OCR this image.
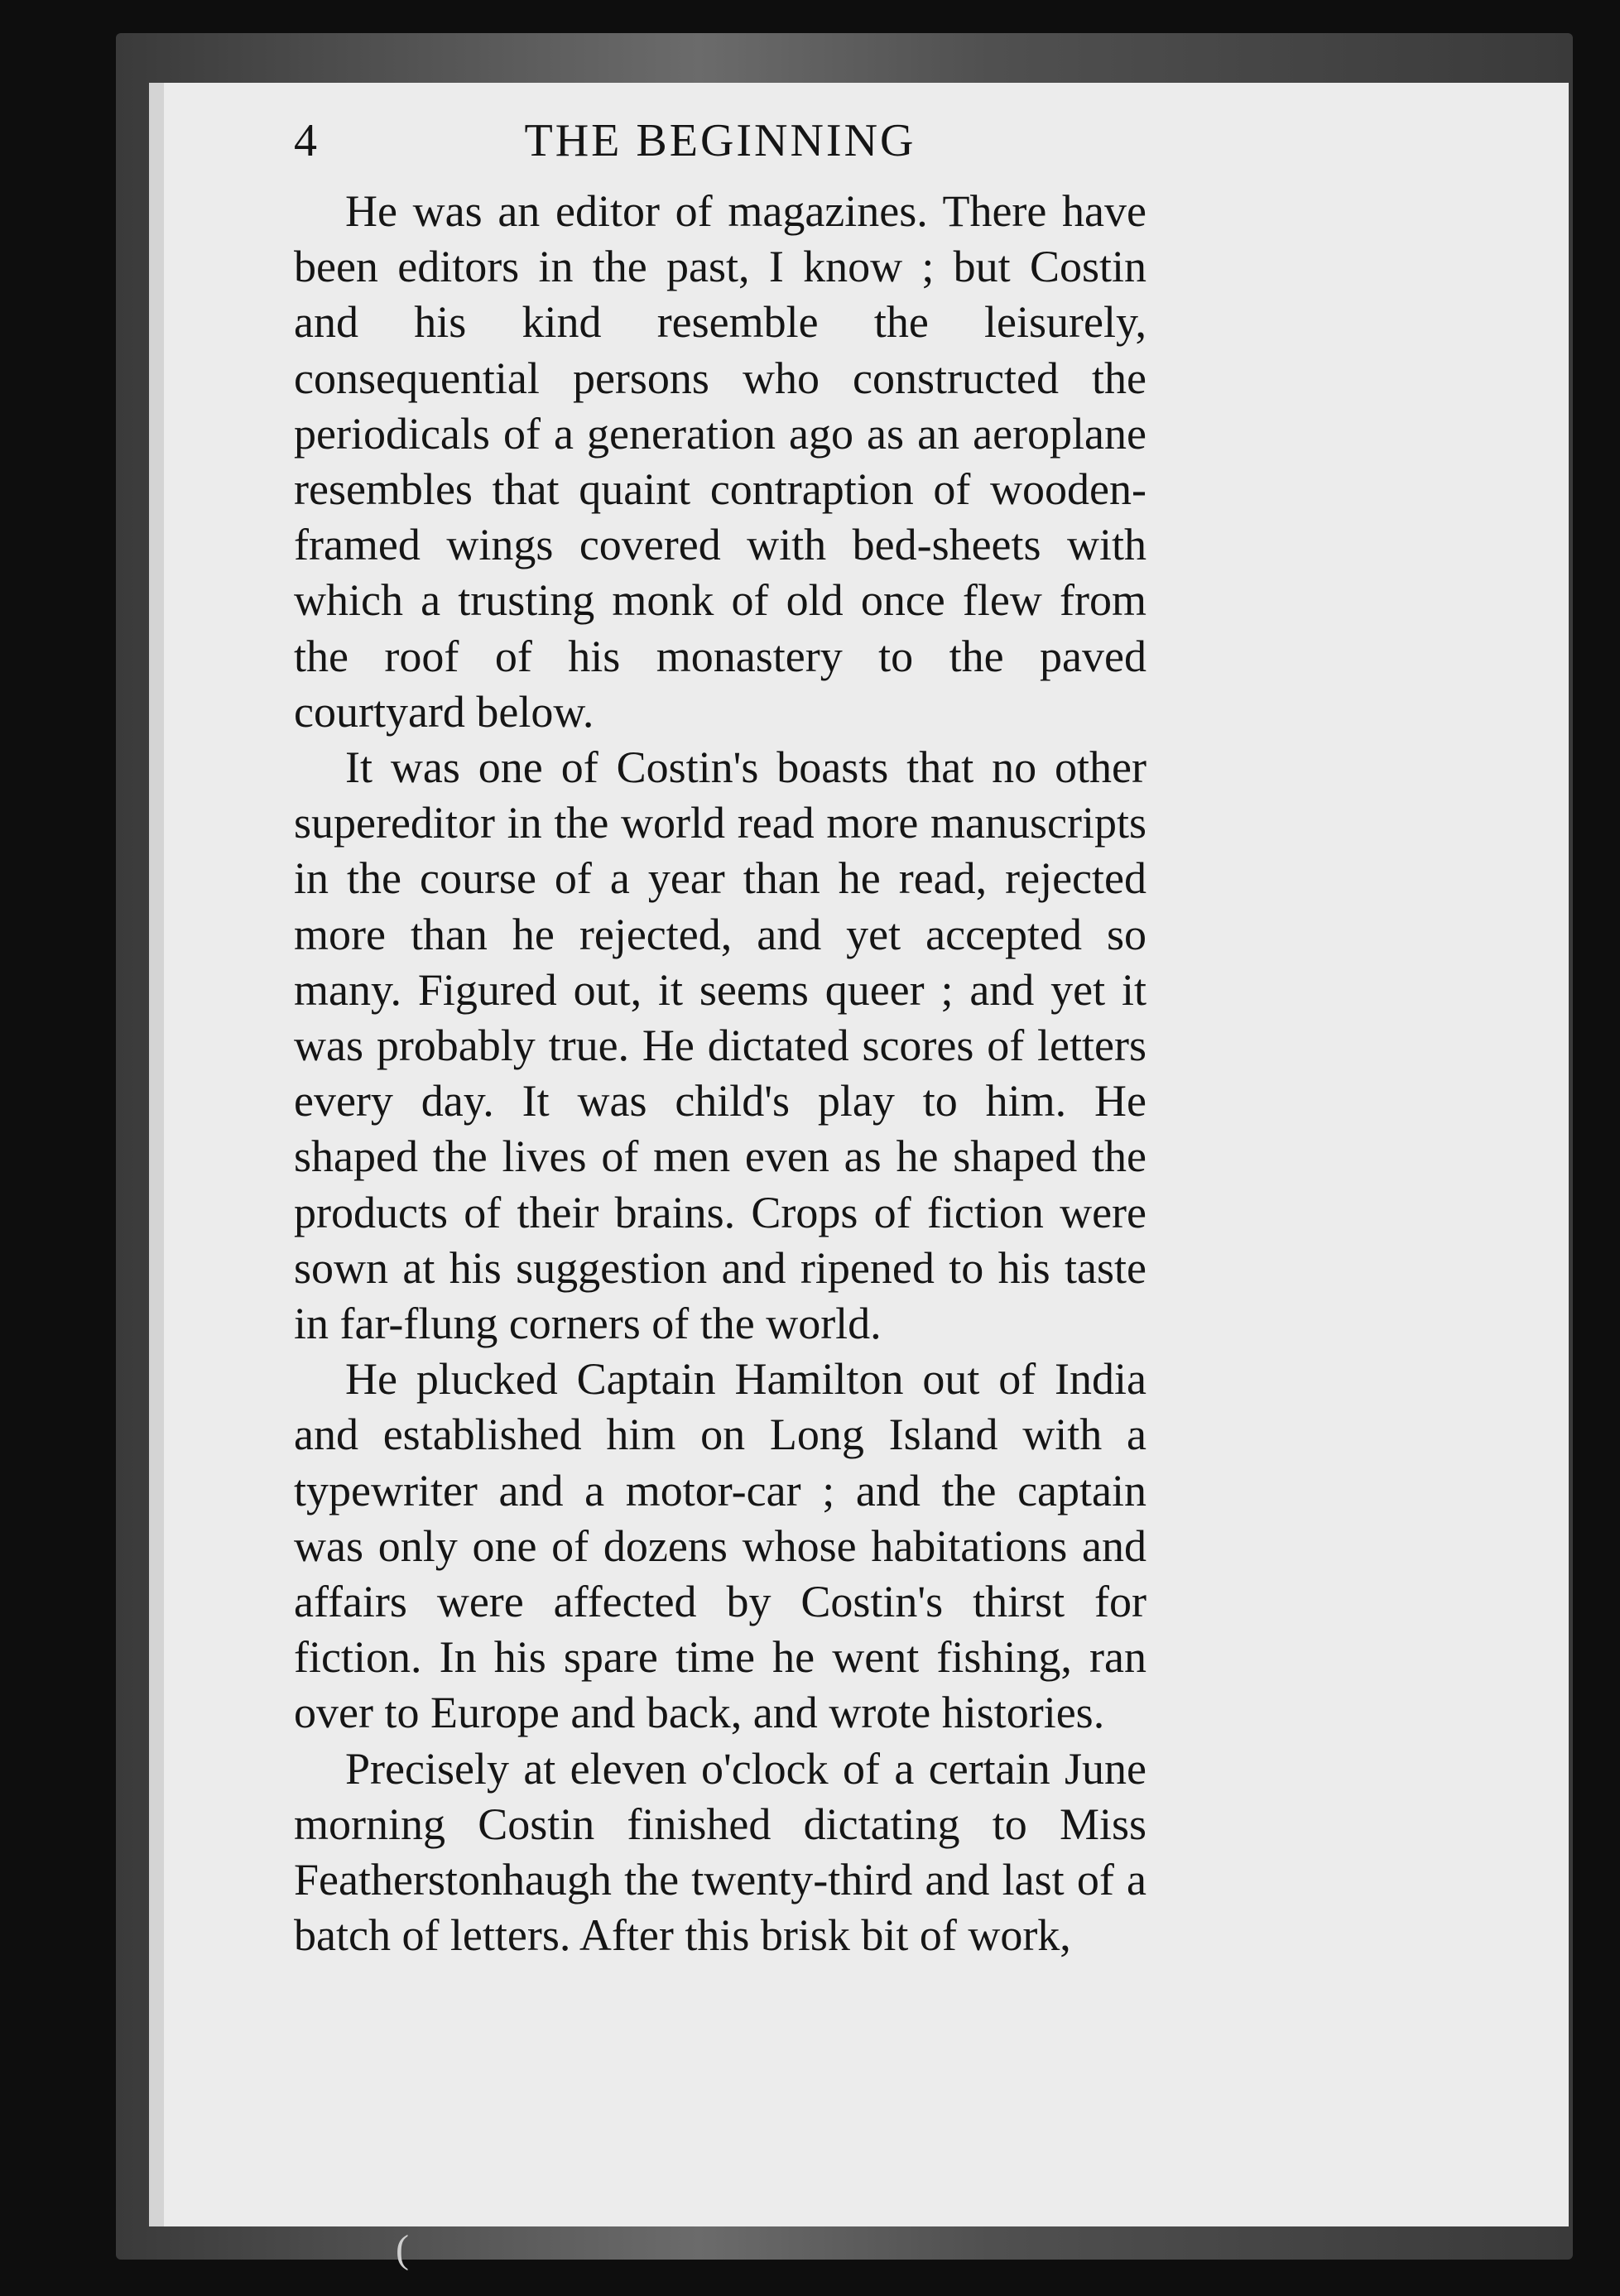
4	THE BEGINNING

He was an editor of magazines. There have been editors in the past, I know ; but Costin and his kind resemble the leisurely, consequential persons who constructed the periodicals of a generation ago as an aeroplane resembles that quaint contraption of wooden-framed wings covered with bed-sheets with which a trusting monk of old once flew from the roof of his monastery to the paved courtyard below.

It was one of Costin's boasts that no other supereditor in the world read more manuscripts in the course of a year than he read, rejected more than he rejected, and yet accepted so many. Figured out, it seems queer ; and yet it was probably true. He dictated scores of letters every day. It was child's play to him. He shaped the lives of men even as he shaped the products of their brains. Crops of fiction were sown at his suggestion and ripened to his taste in far-flung corners of the world.

He plucked Captain Hamilton out of India and established him on Long Island with a typewriter and a motor-car ; and the captain was only one of dozens whose habitations and affairs were affected by Costin's thirst for fiction. In his spare time he went fishing, ran over to Europe and back, and wrote histories.

Precisely at eleven o'clock of a certain June morning Costin finished dictating to Miss Featherstonhaugh the twenty-third and last of a batch of letters. After this brisk bit of work,

(
